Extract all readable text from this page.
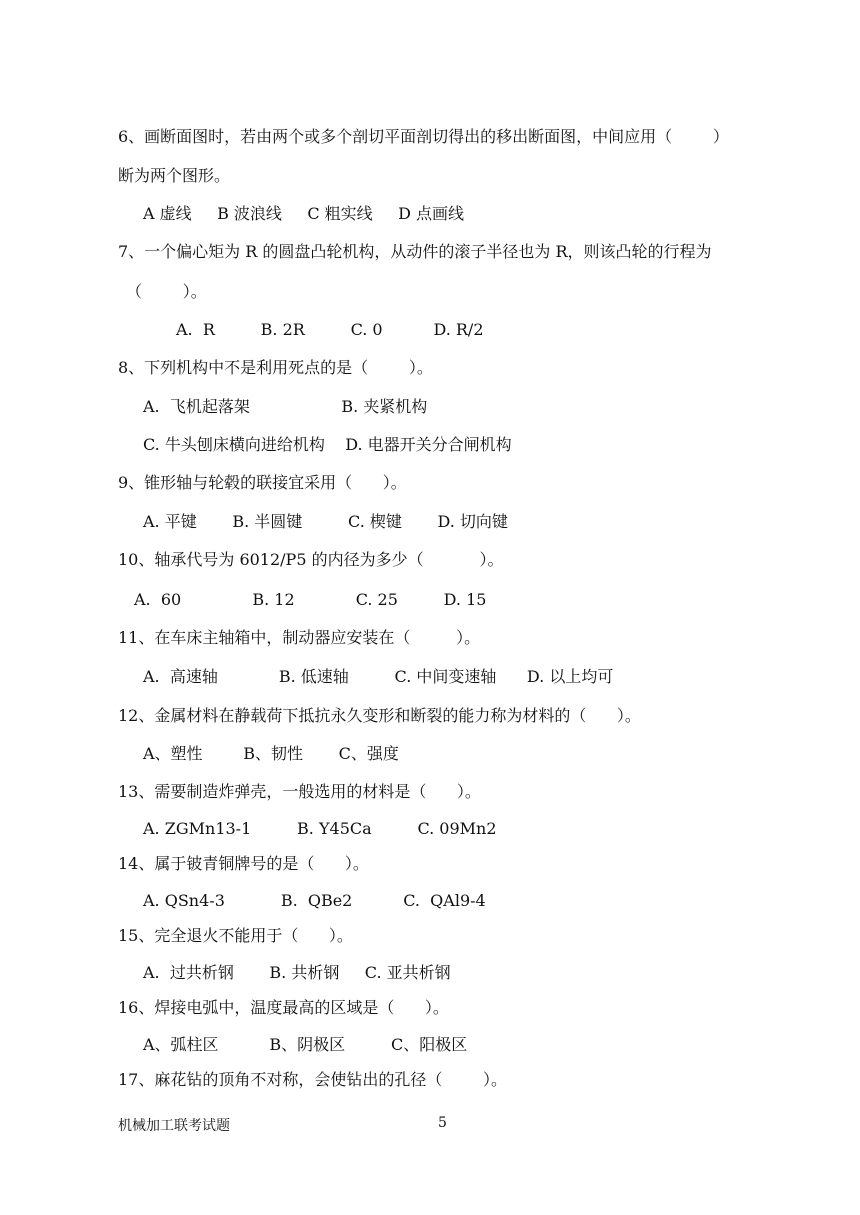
6、画断面图时，若由两个或多个剖切平面剖切得出的移出断面图，中间应用（        ）
断为两个图形。
A 虚线     B 波浪线     C 粗实线     D 点画线
7、一个偏心矩为 R 的圆盘凸轮机构，从动件的滚子半径也为 R，则该凸轮的行程为
（        ）。
A.  R         B. 2R         C. 0          D. R/2
8、下列机构中不是利用死点的是（        ）。
A.  飞机起落架                  B. 夹紧机构
C. 牛头刨床横向进给机构    D. 电器开关分合闸机构
9、锥形轴与轮毂的联接宜采用（      ）。
A. 平键       B. 半圆键         C. 楔键       D. 切向键
10、轴承代号为 6012/P5 的内径为多少（           ）。
A.  60              B. 12            C. 25         D. 15
11、在车床主轴箱中，制动器应安装在（         ）。
A.  高速轴            B. 低速轴         C. 中间变速轴      D. 以上均可
12、金属材料在静载荷下抵抗永久变形和断裂的能力称为材料的（      ）。
A、塑性        B、韧性       C、强度
13、需要制造炸弹壳，一般选用的材料是（      ）。
A. ZGMn13-1         B. Y45Ca         C. 09Mn2
14、属于铍青铜牌号的是（      ）。
A. QSn4-3           B.  QBe2          C.  QAl9-4
15、完全退火不能用于（      ）。
A.  过共析钢       B. 共析钢     C. 亚共析钢
16、焊接电弧中，温度最高的区域是（      ）。
A、弧柱区          B、阴极区         C、阳极区
17、麻花钻的顶角不对称，会使钻出的孔径（        ）。
机械加工联考试题	5
